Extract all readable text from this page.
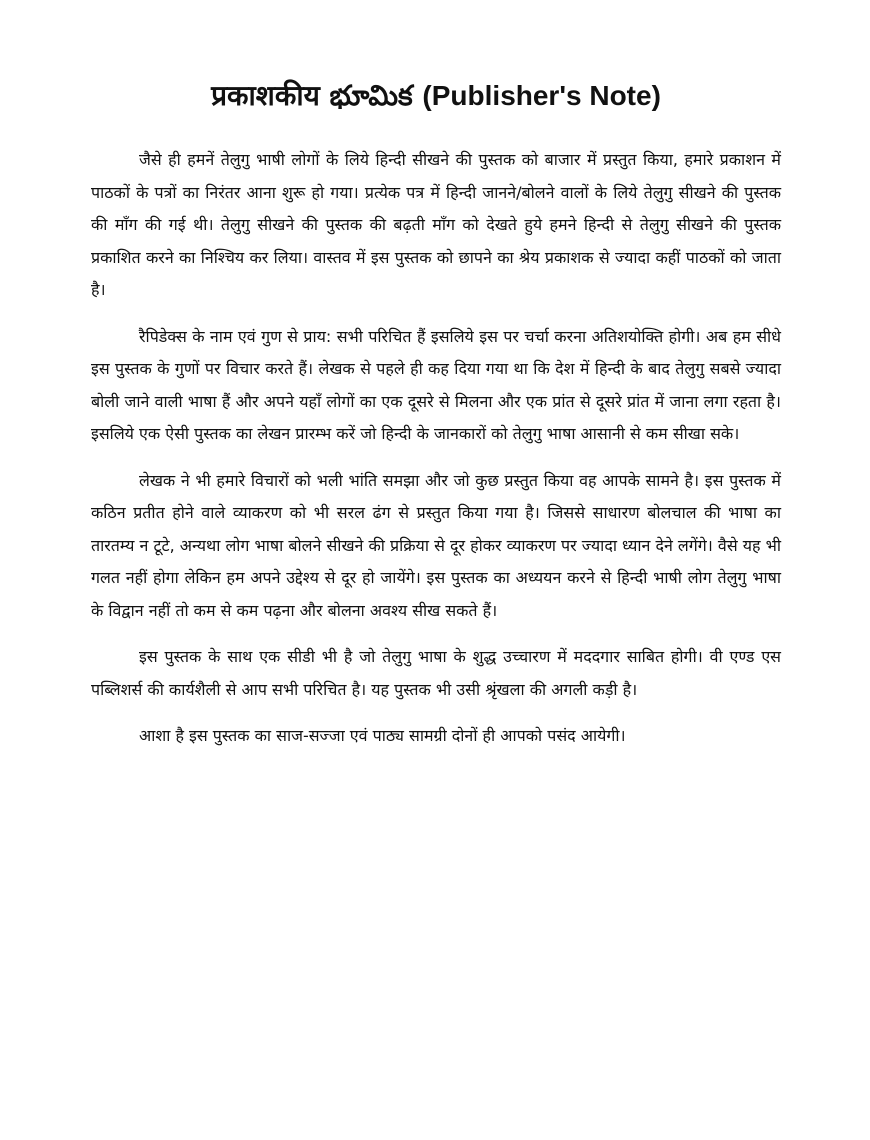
प्रकाशकीय భూమిక (Publisher's Note)

जैसे ही हमनें तेलुगु भाषी लोगों के लिये हिन्दी सीखने की पुस्तक को बाजार में प्रस्तुत किया, हमारे प्रकाशन में पाठकों के पत्रों का निरंतर आना शुरू हो गया। प्रत्येक पत्र में हिन्दी जानने/बोलने वालों के लिये तेलुगु सीखने की पुस्तक की माँग की गई थी। तेलुगु सीखने की पुस्तक की बढ़ती माँग को देखते हुये हमने हिन्दी से तेलुगु सीखने की पुस्तक प्रकाशित करने का निश्चिय कर लिया। वास्तव में इस पुस्तक को छापने का श्रेय प्रकाशक से ज्यादा कहीं पाठकों को जाता है।

रैपिडेक्स के नाम एवं गुण से प्राय: सभी परिचित हैं इसलिये इस पर चर्चा करना अतिशयोक्ति होगी। अब हम सीधे इस पुस्तक के गुणों पर विचार करते हैं। लेखक से पहले ही कह दिया गया था कि देश में हिन्दी के बाद तेलुगु सबसे ज्यादा बोली जाने वाली भाषा हैं और अपने यहाँ लोगों का एक दूसरे से मिलना और एक प्रांत से दूसरे प्रांत में जाना लगा रहता है। इसलिये एक ऐसी पुस्तक का लेखन प्रारम्भ करें जो हिन्दी के जानकारों को तेलुगु भाषा आसानी से कम सीखा सके।

लेखक ने भी हमारे विचारों को भली भांति समझा और जो कुछ प्रस्तुत किया वह आपके सामने है। इस पुस्तक में कठिन प्रतीत होने वाले व्याकरण को भी सरल ढंग से प्रस्तुत किया गया है। जिससे साधारण बोलचाल की भाषा का तारतम्य न टूटे, अन्यथा लोग भाषा बोलने सीखने की प्रक्रिया से दूर होकर व्याकरण पर ज्यादा ध्यान देने लगेंगे। वैसे यह भी गलत नहीं होगा लेकिन हम अपने उद्देश्य से दूर हो जायेंगे। इस पुस्तक का अध्ययन करने से हिन्दी भाषी लोग तेलुगु भाषा के विद्वान नहीं तो कम से कम पढ़ना और बोलना अवश्य सीख सकते हैं।

इस पुस्तक के साथ एक सीडी भी है जो तेलुगु भाषा के शुद्ध उच्चारण में मददगार साबित होगी। वी एण्ड एस पब्लिशर्स की कार्यशैली से आप सभी परिचित है। यह पुस्तक भी उसी श्रृंखला की अगली कड़ी है।

आशा है इस पुस्तक का साज-सज्जा एवं पाठ्य सामग्री दोनों ही आपको पसंद आयेगी।
